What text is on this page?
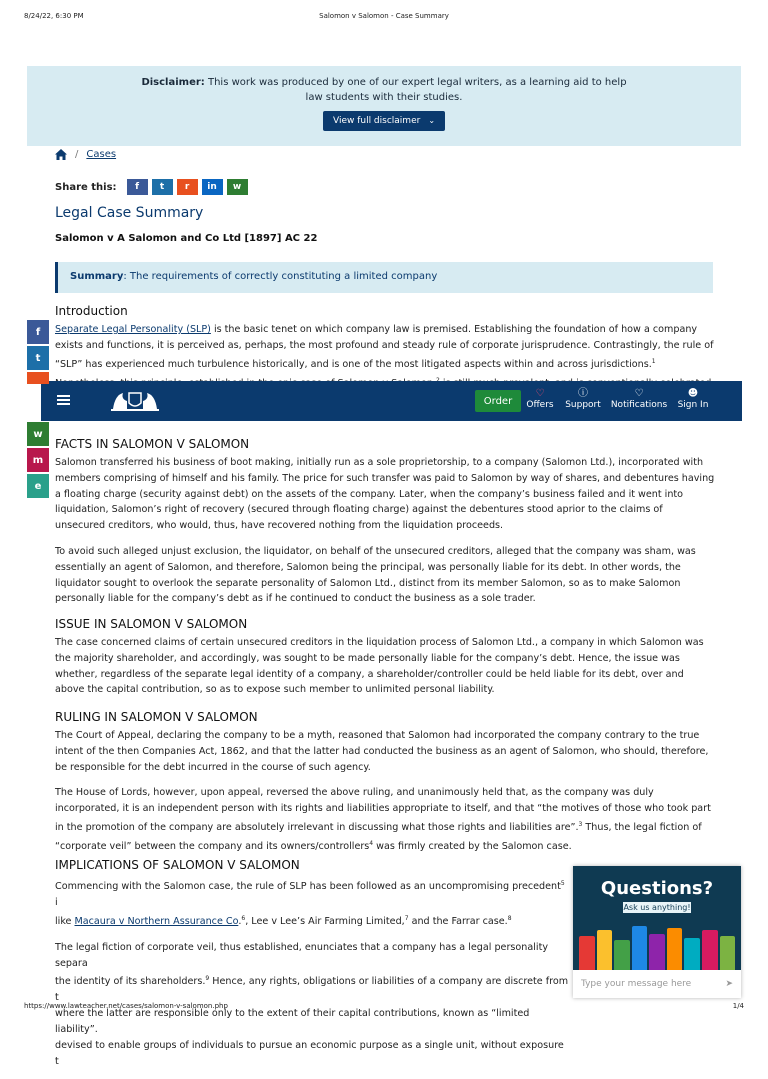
8/24/22, 6:30 PM	Salomon v Salomon - Case Summary

Disclaimer: This work was produced by one of our expert legal writers, as a learning aid to help law students with their studies.

View full disclaimer ⌄
/ Cases
Share this:	f	t	r	in	w
Legal Case Summary
Salomon v A Salomon and Co Ltd [1897] AC 22
Summary: The requirements of correctly constituting a limited company
Introduction

Separate Legal Personality (SLP) is the basic tenet on which company law is premised. Establishing the foundation of how a company exists and functions, it is perceived as, perhaps, the most profound and steady rule of corporate jurisprudence. Contrastingly, the rule of “SLP” has experienced much turbulence historically, and is one of the most litigated aspects within and across jurisdictions.$^1$

Order
♡
Offers
ⓘ
Support
♡
Notifications
☻
Sign In
f
t
w
m
e
FACTS IN SALOMON V SALOMON

Salomon transferred his business of boot making, initially run as a sole proprietorship, to a company (Salomon Ltd.), incorporated with members comprising of himself and his family. The price for such transfer was paid to Salomon by way of shares, and debentures having a floating charge (security against debt) on the assets of the company. Later, when the company’s business failed and it went into liquidation, Salomon’s right of recovery (secured through floating charge) against the debentures stood aprior to the claims of unsecured creditors, who would, thus, have recovered nothing from the liquidation proceeds.

To avoid such alleged unjust exclusion, the liquidator, on behalf of the unsecured creditors, alleged that the company was sham, was essentially an agent of Salomon, and therefore, Salomon being the principal, was personally liable for its debt. In other words, the liquidator sought to overlook the separate personality of Salomon Ltd., distinct from its member Salomon, so as to make Salomon personally liable for the company’s debt as if he continued to conduct the business as a sole trader.

ISSUE IN SALOMON V SALOMON

The case concerned claims of certain unsecured creditors in the liquidation process of Salomon Ltd., a company in which Salomon was the majority shareholder, and accordingly, was sought to be made personally liable for the company’s debt. Hence, the issue was whether, regardless of the separate legal identity of a company, a shareholder/controller could be held liable for its debt, over and above the capital contribution, so as to expose such member to unlimited personal liability.

RULING IN SALOMON V SALOMON

The Court of Appeal, declaring the company to be a myth, reasoned that Salomon had incorporated the company contrary to the true intent of the then Companies Act, 1862, and that the latter had conducted the business as an agent of Salomon, who should, therefore, be responsible for the debt incurred in the course of such agency.

The House of Lords, however, upon appeal, reversed the above ruling, and unanimously held that, as the company was duly incorporated, it is an independent person with its rights and liabilities appropriate to itself, and that “the motives of those who took part in the promotion of the company are absolutely irrelevant in discussing what those rights and liabilities are”.$^3$ Thus, the legal fiction of “corporate veil” between the company and its owners/controllers$^4$ was firmly created by the Salomon case.

IMPLICATIONS OF SALOMON V SALOMON

Commencing with the Salomon case, the rule of SLP has been followed as an uncompromising precedent$^5$ i
like Macaura v Northern Assurance Co.$^6$, Lee v Lee’s Air Farming Limited,$^7$ and the Farrar case.$^8$

The legal fiction of corporate veil, thus established, enunciates that a company has a legal personality separa
the identity of its shareholders.$^9$ Hence, any rights, obligations or liabilities of a company are discrete from t
where the latter are responsible only to the extent of their capital contributions, known as “limited liability”.
devised to enable groups of individuals to pursue an economic purpose as a single unit, without exposure t

Questions?
Ask us anything!
Type your message here	➤
https://www.lawteacher.net/cases/salomon-v-salomon.php	1/4
